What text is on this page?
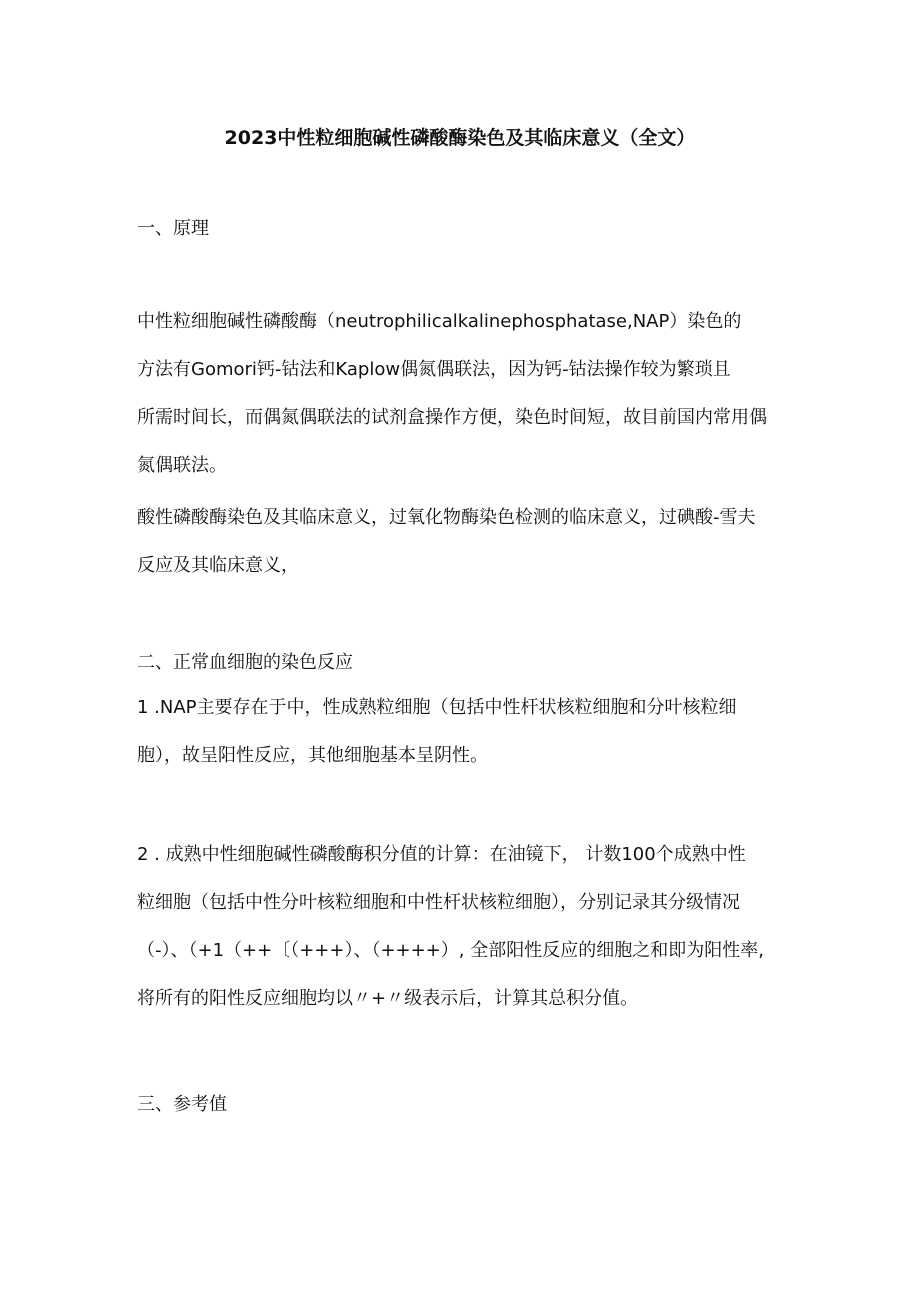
2023中性粒细胞碱性磷酸酶染色及其临床意义（全文）
一、原理
中性粒细胞碱性磷酸酶（neutrophilicalkalinephosphatase,NAP）染色的
方法有Gomori钙-钴法和Kaplow偶氮偶联法，因为钙-钴法操作较为繁琐且
所需时间长，而偶氮偶联法的试剂盒操作方便，染色时间短，故目前国内常用偶
氮偶联法。
酸性磷酸酶染色及其临床意义，过氧化物酶染色检测的临床意义，过碘酸-雪夫
反应及其临床意义，
二、正常血细胞的染色反应
1 .NAP主要存在于中，性成熟粒细胞（包括中性杆状核粒细胞和分叶核粒细
胞），故呈阳性反应，其他细胞基本呈阴性。
2 . 成熟中性细胞碱性磷酸酶积分值的计算：在油镜下， 计数100个成熟中性
粒细胞（包括中性分叶核粒细胞和中性杆状核粒细胞），分别记录其分级情况
（-）、（+1（++〔（+++）、（++++）, 全部阳性反应的细胞之和即为阳性率,
将所有的阳性反应细胞均以〃+〃级表示后，计算其总积分值。
三、参考值
